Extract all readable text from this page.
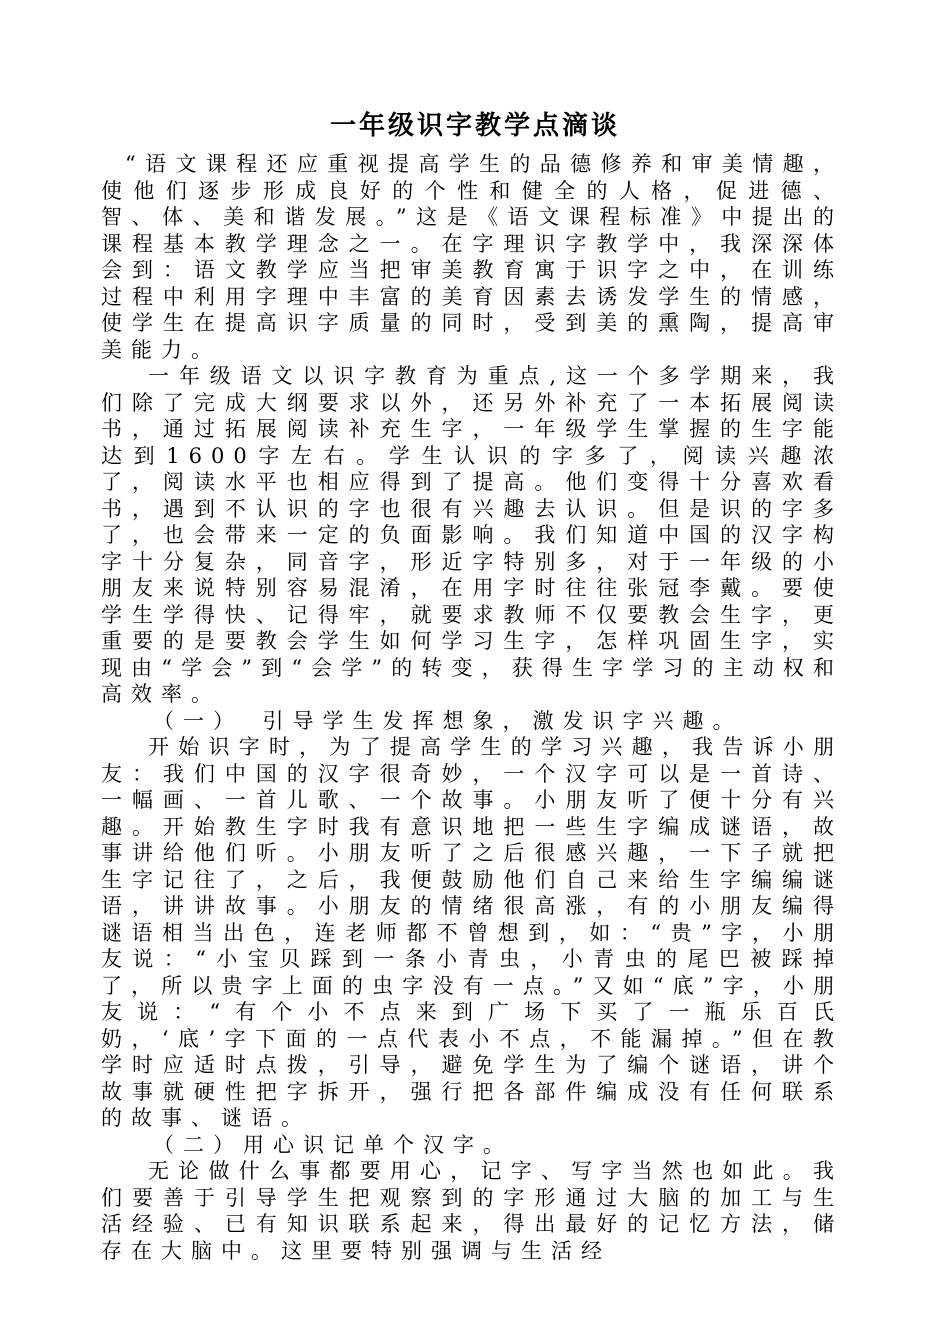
一年级识字教学点滴谈

“语文课程还应重视提高学生的品德修养和审美情趣，使他们逐步形成良好的个性和健全的人格，促进德、智、体、美和谐发展。”这是《语文课程标准》中提出的课程基本教学理念之一。在字理识字教学中，我深深体会到：语文教学应当把审美教育寓于识字之中，在训练过程中利用字理中丰富的美育因素去诱发学生的情感，使学生在提高识字质量的同时，受到美的熏陶，提高审美能力。

一年级语文以识字教育为重点,这一个多学期来，我们除了完成大纲要求以外，还另外补充了一本拓展阅读书，通过拓展阅读补充生字，一年级学生掌握的生字能达到1600字左右。学生认识的字多了，阅读兴趣浓了，阅读水平也相应得到了提高。他们变得十分喜欢看书，遇到不认识的字也很有兴趣去认识。但是识的字多了，也会带来一定的负面影响。我们知道中国的汉字构字十分复杂，同音字，形近字特别多，对于一年级的小朋友来说特别容易混淆，在用字时往往张冠李戴。要使学生学得快、记得牢，就要求教师不仅要教会生字，更重要的是要教会学生如何学习生字，怎样巩固生字，实现由“学会”到“会学”的转变，获得生字学习的主动权和高效率。

（一）　引导学生发挥想象，激发识字兴趣。

开始识字时，为了提高学生的学习兴趣，我告诉小朋友：我们中国的汉字很奇妙，一个汉字可以是一首诗、一幅画、一首儿歌、一个故事。小朋友听了便十分有兴趣。开始教生字时我有意识地把一些生字编成谜语，故事讲给他们听。小朋友听了之后很感兴趣，一下子就把生字记往了，之后，我便鼓励他们自己来给生字编编谜语，讲讲故事。小朋友的情绪很高涨，有的小朋友编得谜语相当出色，连老师都不曾想到，如：“贵”字，小朋友说：“小宝贝踩到一条小青虫，小青虫的尾巴被踩掉了，所以贵字上面的虫字没有一点。”又如“底”字，小朋友说：“有个小不点来到广场下买了一瓶乐百氏奶，‘底’字下面的一点代表小不点，不能漏掉。”但在教学时应适时点拨，引导，避免学生为了编个谜语，讲个故事就硬性把字拆开，强行把各部件编成没有任何联系的故事、谜语。

（二）用心识记单个汉字。

无论做什么事都要用心，记字、写字当然也如此。我们要善于引导学生把观察到的字形通过大脑的加工与生活经验、已有知识联系起来，得出最好的记忆方法，储存在大脑中。这里要特别强调与生活经
